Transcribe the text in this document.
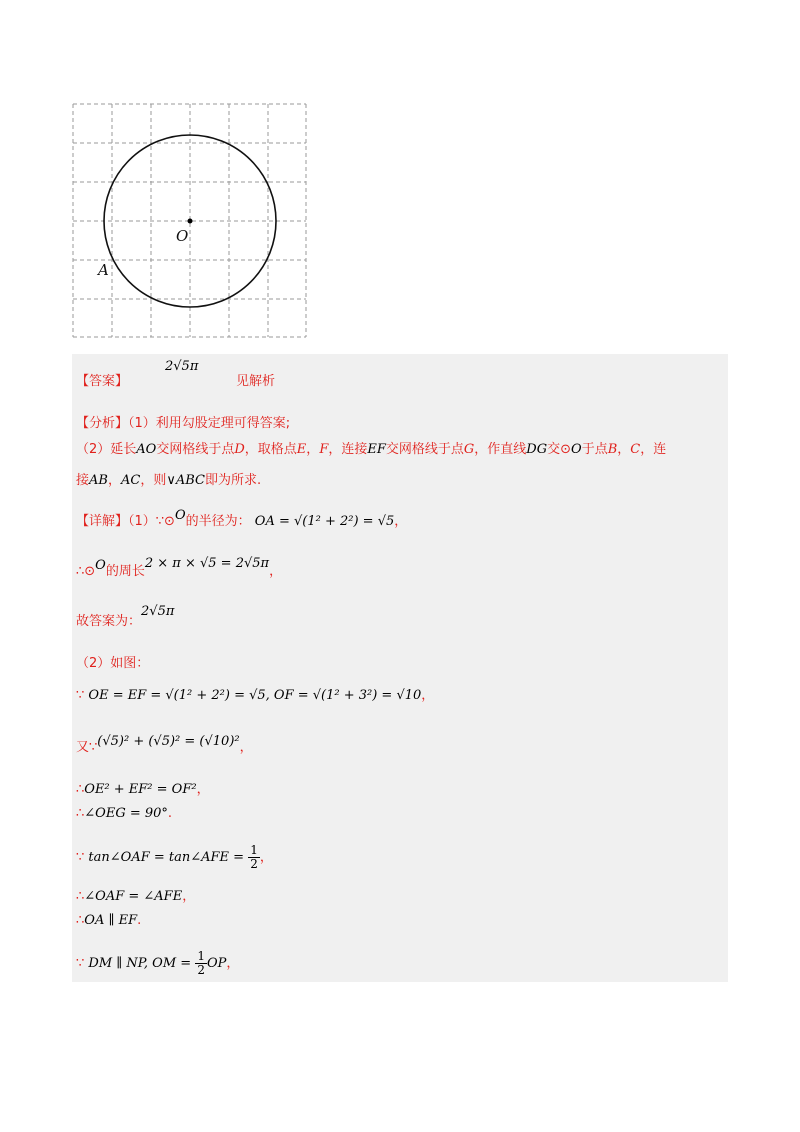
O
A
【答案】
2√5π
见解析
【分析】（1）利用勾股定理可得答案;
（2）延长AO交网格线于点D，取格点E，F，连接EF交网格线于点G，作直线DG交⊙O于点B，C，连
接AB，AC，则∨ABC即为所求.
【详解】（1）∵⊙O的半径为： OA = √(1² + 2²) = √5，
∴⊙O的周长2 × π × √5 = 2√5π，
故答案为：2√5π
（2）如图：
∵ OE = EF = √(1² + 2²) = √5, OF = √(1² + 3²) = √10，
又∵(√5)² + (√5)² = (√10)²，
∴OE² + EF² = OF²，
∴∠OEG = 90°.
∵ tan∠OAF = tan∠AFE = $\frac{1}{2}$ ，
∴∠OAF = ∠AFE，
∴OA ∥ EF.
∵ DM ∥ NP, OM = $\frac{1}{2}$ OP，
